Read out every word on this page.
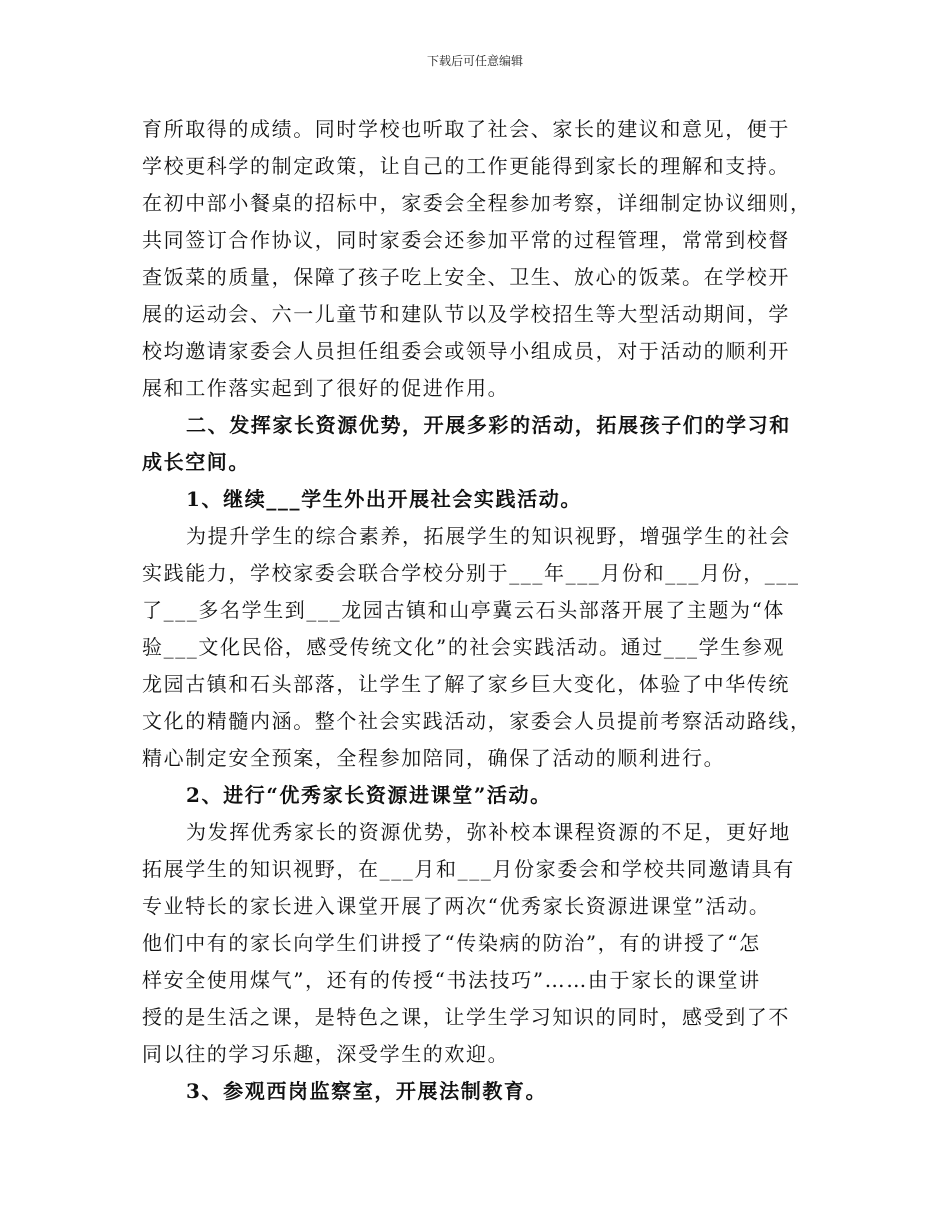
下载后可任意编辑
育所取得的成绩。同时学校也听取了社会、家长的建议和意见，便于
学校更科学的制定政策，让自己的工作更能得到家长的理解和支持。
在初中部小餐桌的招标中，家委会全程参加考察，详细制定协议细则，
共同签订合作协议，同时家委会还参加平常的过程管理，常常到校督
查饭菜的质量，保障了孩子吃上安全、卫生、放心的饭菜。在学校开
展的运动会、六一儿童节和建队节以及学校招生等大型活动期间，学
校均邀请家委会人员担任组委会或领导小组成员，对于活动的顺利开
展和工作落实起到了很好的促进作用。
二、发挥家长资源优势，开展多彩的活动，拓展孩子们的学习和
成长空间。
1、继续___学生外出开展社会实践活动。
为提升学生的综合素养，拓展学生的知识视野，增强学生的社会
实践能力，学校家委会联合学校分别于___年___月份和___月份，___
了___多名学生到___龙园古镇和山亭冀云石头部落开展了主题为“体
验___文化民俗，感受传统文化”的社会实践活动。通过___学生参观
龙园古镇和石头部落，让学生了解了家乡巨大变化，体验了中华传统
文化的精髓内涵。整个社会实践活动，家委会人员提前考察活动路线，
精心制定安全预案，全程参加陪同，确保了活动的顺利进行。
2、进行“优秀家长资源进课堂”活动。
为发挥优秀家长的资源优势，弥补校本课程资源的不足，更好地
拓展学生的知识视野，在___月和___月份家委会和学校共同邀请具有
专业特长的家长进入课堂开展了两次“优秀家长资源进课堂”活动。
他们中有的家长向学生们讲授了“传染病的防治”，有的讲授了“怎
样安全使用煤气”，还有的传授“书法技巧”……由于家长的课堂讲
授的是生活之课，是特色之课，让学生学习知识的同时，感受到了不
同以往的学习乐趣，深受学生的欢迎。
3、参观西岗监察室，开展法制教育。
